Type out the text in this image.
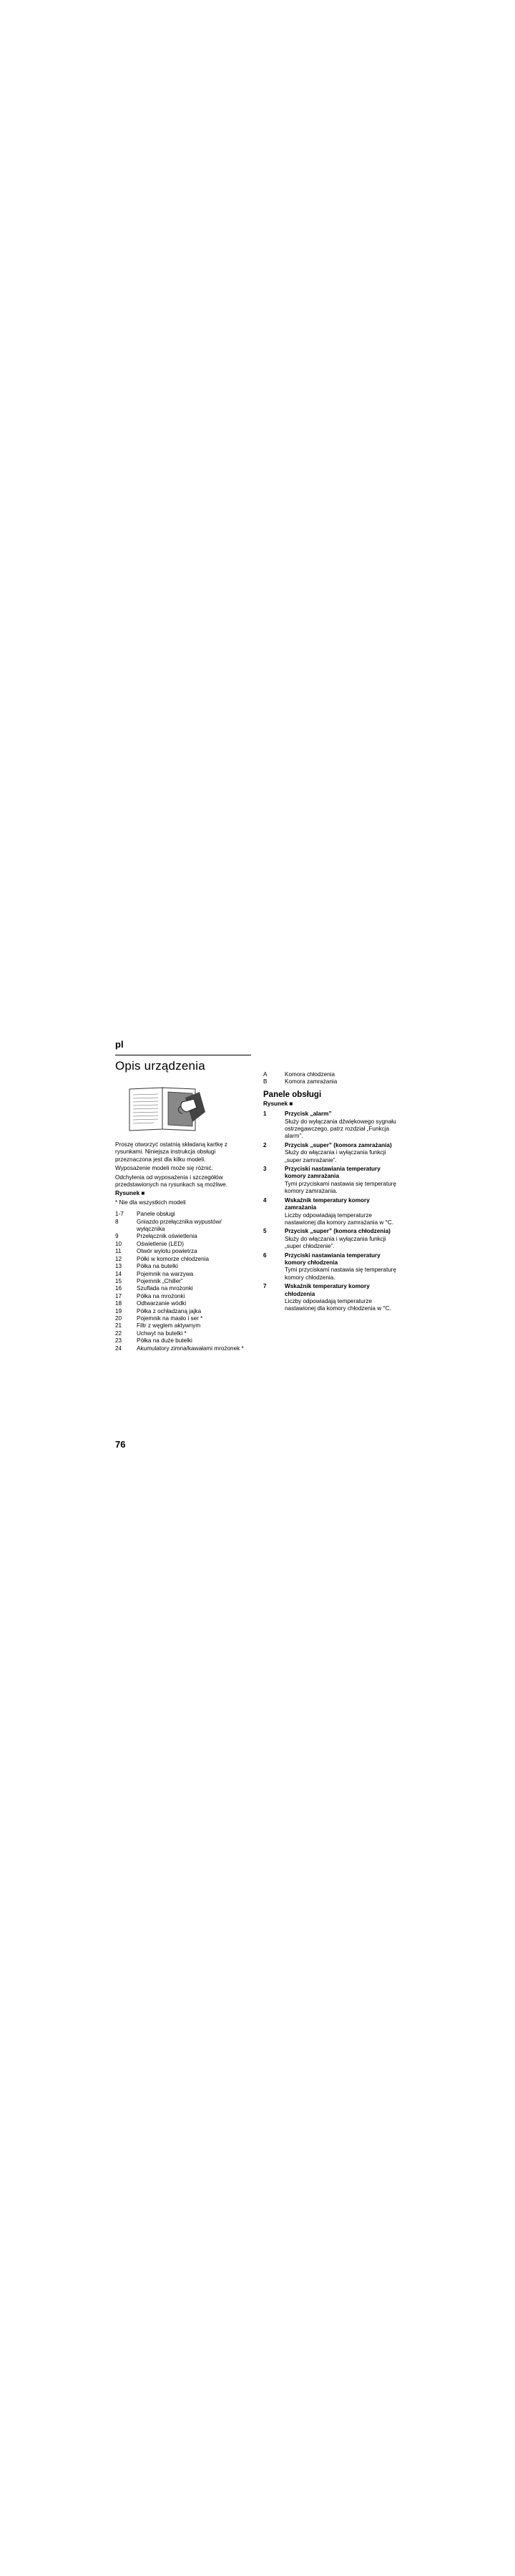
pl
Opis urządzenia

Proszę otworzyć ostatnią składaną kartkę z rysunkami. Niniejsza instrukcja obsługi przeznaczona jest dla kilku modeli.

Wyposażenie modeli może się różnić.

Odchylenia od wyposażenia i szczegółów przedstawionych na rysunkach są możliwe.

Rysunek ■

* Nie dla wszystkich modeli

1-7	Panele obsługi
8	Gniazdo przełącznika wypustów/ wyłącznika
9	Przełącznik oświetlenia
10	Oświetlenie (LED)
11	Otwór wylotu powietrza
12	Półki w komorze chłodzenia
13	Półka na butelki
14	Pojemnik na warzywa
15	Pojemnik „Chiller”
16	Szuflada na mrożonki
17	Półka na mrożonki
18	Odtwarzanie wódki
19	Półka z ochładzaną jajka
20	Pojemnik na masło i ser *
21	Filtr z węglem aktywnym
22	Uchwyt na butelki *
23	Półka na duże butelki
24	Akumulatory zimna/kawałami mrożonek *
A	Komora chłodzenia
B	Komora zamrażania
Panele obsługi

Rysunek ■

1	Przycisk „alarm”
Służy do wyłączania dźwiękowego sygnału ostrzegawczego, patrz rozdział „Funkcja alarm”.
2	Przycisk „super” (komora zamrażania)
Służy do włączania i wyłączania funkcji „super zamrażanie”.
3	Przyciski nastawiania temperatury komory zamrażania
Tymi przyciskami nastawia się temperaturę komory zamrażania.
4	Wskaźnik temperatury komory zamrażania
Liczby odpowiadają temperaturze nastawionej dla komory zamrażania w °C.
5	Przycisk „super” (komora chłodzenia)
Służy do włączania i wyłączania funkcji „super chłodzenie”.
6	Przyciski nastawiania temperatury komory chłodzenia
Tymi przyciskami nastawia się temperaturę komory chłodzenia.
7	Wskaźnik temperatury komory chłodzenia
Liczby odpowiadają temperaturze nastawionej dla komory chłodzenia w °C.
76
